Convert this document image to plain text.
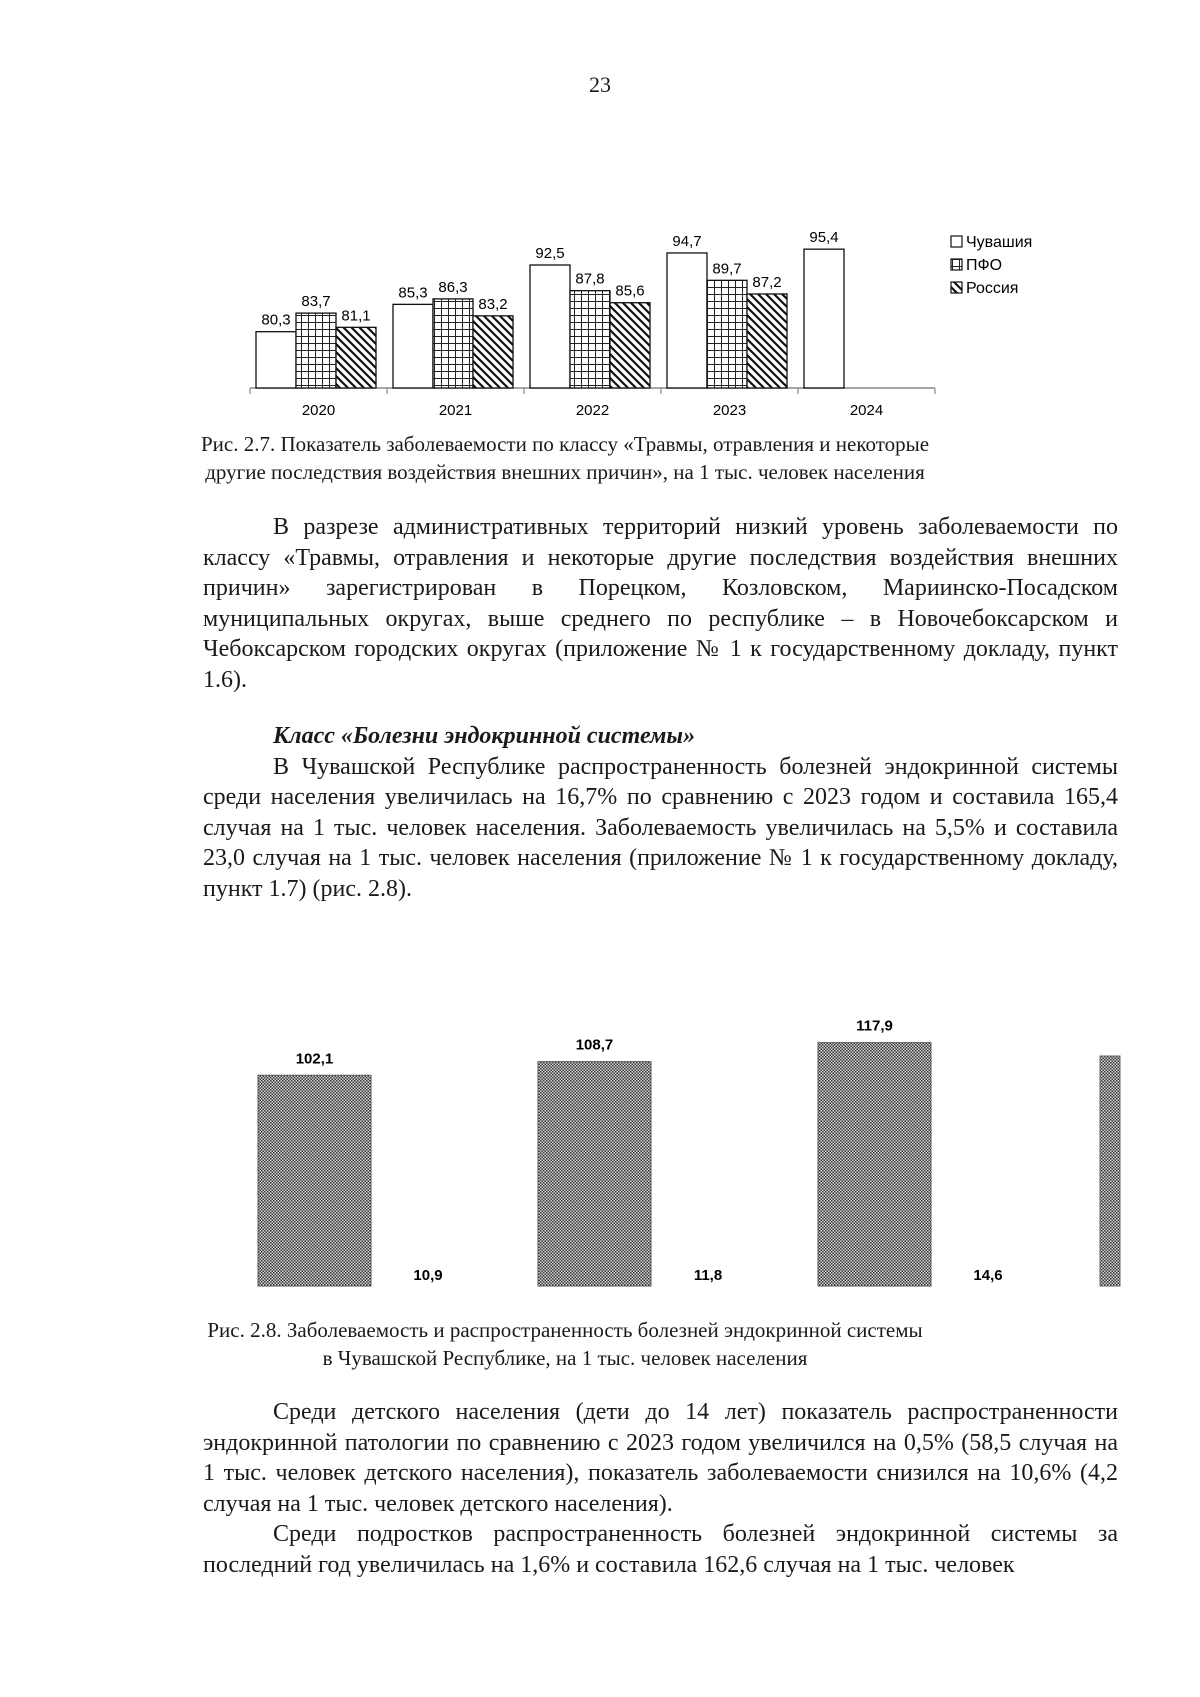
23
80,3
83,7
81,1
85,3 86,3
83,2
92,5
87,8
85,6
94,7
89,7
87,2
95,4
2020	2021	2022	2023	2024
Чувашия
ПФО
Россия
102,1
10,9
108,7
11,8
117,9
14,6
Рис. 2.7. Показатель заболеваемости по классу «Травмы, отравления и некоторые
другие последствия воздействия внешних причин», на 1 тыс. человек населения

В разрезе административных территорий низкий уровень заболеваемости по классу «Травмы, отравления и некоторые другие последствия воздействия внешних причин» зарегистрирован в Порецком, Козловском, Мариинско-Посадском муниципальных округах, выше среднего по республике – в Новочебоксарском и Чебоксарском городских округах (приложение № 1 к государственному докладу, пункт 1.6).

Класс «Болезни эндокринной системы»

В Чувашской Республике распространенность болезней эндокринной системы среди населения увеличилась на 16,7% по сравнению с 2023 годом и составила 165,4 случая на 1 тыс. человек населения. Заболеваемость увеличилась на 5,5% и составила 23,0 случая на 1 тыс. человек населения (приложение № 1 к государственному докладу, пункт 1.7) (рис. 2.8).

Рис. 2.8. Заболеваемость и распространенность болезней эндокринной системы
в Чувашской Республике, на 1 тыс. человек населения

Среди детского населения (дети до 14 лет) показатель распространенности эндокринной патологии по сравнению с 2023 годом увеличился на 0,5% (58,5 случая на 1 тыс. человек детского населения), показатель заболеваемости снизился на 10,6% (4,2 случая на 1 тыс. человек детского населения).

Среди подростков распространенность болезней эндокринной системы за последний год увеличилась на 1,6% и составила 162,6 случая на 1 тыс. человек
